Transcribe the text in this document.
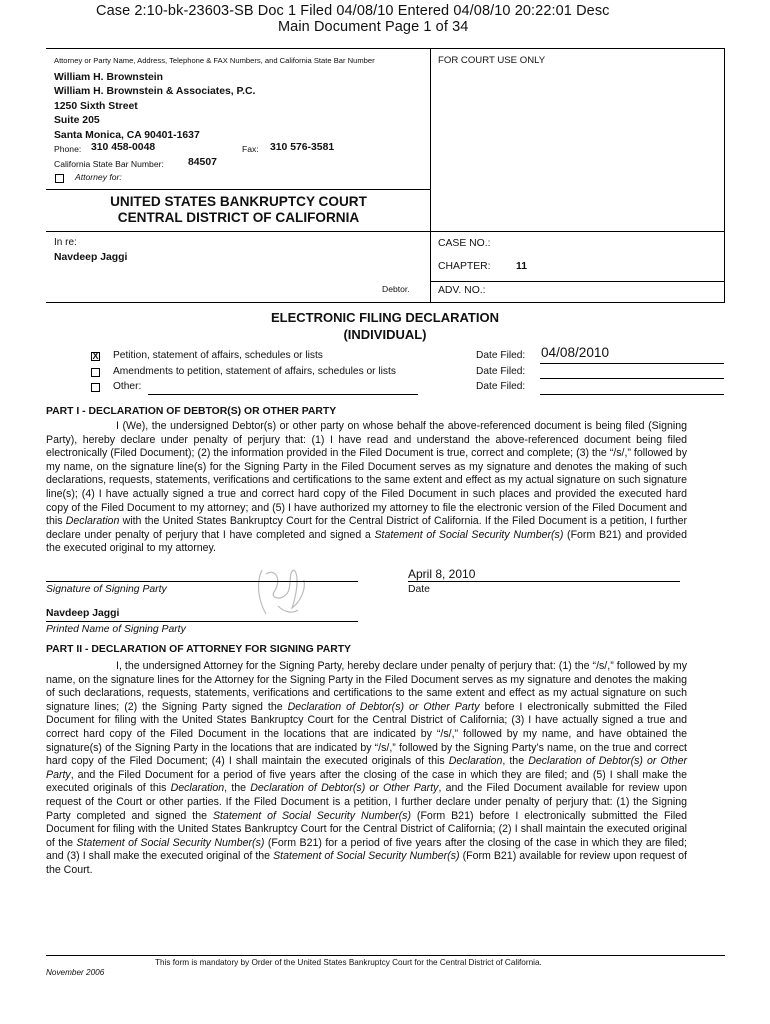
Case 2:10-bk-23603-SB Doc 1 Filed 04/08/10 Entered 04/08/10 20:22:01 Desc
Main Document Page 1 of 34
Attorney or Party Name, Address, Telephone & FAX Numbers, and California State Bar Number	FOR COURT USE ONLY
William H. Brownstein
William H. Brownstein & Associates, P.C.
1250 Sixth Street
Suite 205
Santa Monica, CA 90401-1637
Phone: 310 458-0048	Fax: 310 576-3581
California State Bar Number: 84507
Attorney for:
UNITED STATES BANKRUPTCY COURT
CENTRAL DISTRICT OF CALIFORNIA
In re:
Navdeep Jaggi
Debtor.
CASE NO.:
CHAPTER: 11
ADV. NO.:
ELECTRONIC FILING DECLARATION
(INDIVIDUAL)
X Petition, statement of affairs, schedules or lists	Date Filed: 04/08/2010
Amendments to petition, statement of affairs, schedules or lists	Date Filed:
Other:	Date Filed:
PART I - DECLARATION OF DEBTOR(S) OR OTHER PARTY
I (We), the undersigned Debtor(s) or other party on whose behalf the above-referenced document is being filed (Signing Party), hereby declare under penalty of perjury that: (1) I have read and understand the above-referenced document being filed electronically (Filed Document); (2) the information provided in the Filed Document is true, correct and complete; (3) the “/s/,” followed by my name, on the signature line(s) for the Signing Party in the Filed Document serves as my signature and denotes the making of such declarations, requests, statements, verifications and certifications to the same extent and effect as my actual signature on such signature line(s); (4) I have actually signed a true and correct hard copy of the Filed Document in such places and provided the executed hard copy of the Filed Document to my attorney; and (5) I have authorized my attorney to file the electronic version of the Filed Document and this Declaration with the United States Bankruptcy Court for the Central District of California. If the Filed Document is a petition, I further declare under penalty of perjury that I have completed and signed a Statement of Social Security Number(s) (Form B21) and provided the executed original to my attorney.
April 8, 2010
Signature of Signing Party	Date
Navdeep Jaggi
Printed Name of Signing Party
PART II - DECLARATION OF ATTORNEY FOR SIGNING PARTY
I, the undersigned Attorney for the Signing Party, hereby declare under penalty of perjury that: (1) the “/s/,” followed by my name, on the signature lines for the Attorney for the Signing Party in the Filed Document serves as my signature and denotes the making of such declarations, requests, statements, verifications and certifications to the same extent and effect as my actual signature on such signature lines; (2) the Signing Party signed the Declaration of Debtor(s) or Other Party before I electronically submitted the Filed Document for filing with the United States Bankruptcy Court for the Central District of California; (3) I have actually signed a true and correct hard copy of the Filed Document in the locations that are indicated by “/s/,” followed by my name, and have obtained the signature(s) of the Signing Party in the locations that are indicated by “/s/,” followed by the Signing Party’s name, on the true and correct hard copy of the Filed Document; (4) I shall maintain the executed originals of this Declaration, the Declaration of Debtor(s) or Other Party, and the Filed Document for a period of five years after the closing of the case in which they are filed; and (5) I shall make the executed originals of this Declaration, the Declaration of Debtor(s) or Other Party, and the Filed Document available for review upon request of the Court or other parties. If the Filed Document is a petition, I further declare under penalty of perjury that: (1) the Signing Party completed and signed the Statement of Social Security Number(s) (Form B21) before I electronically submitted the Filed Document for filing with the United States Bankruptcy Court for the Central District of California; (2) I shall maintain the executed original of the Statement of Social Security Number(s) (Form B21) for a period of five years after the closing of the case in which they are filed; and (3) I shall make the executed original of the Statement of Social Security Number(s) (Form B21) available for review upon request of the Court.
This form is mandatory by Order of the United States Bankruptcy Court for the Central District of California.
November 2006
